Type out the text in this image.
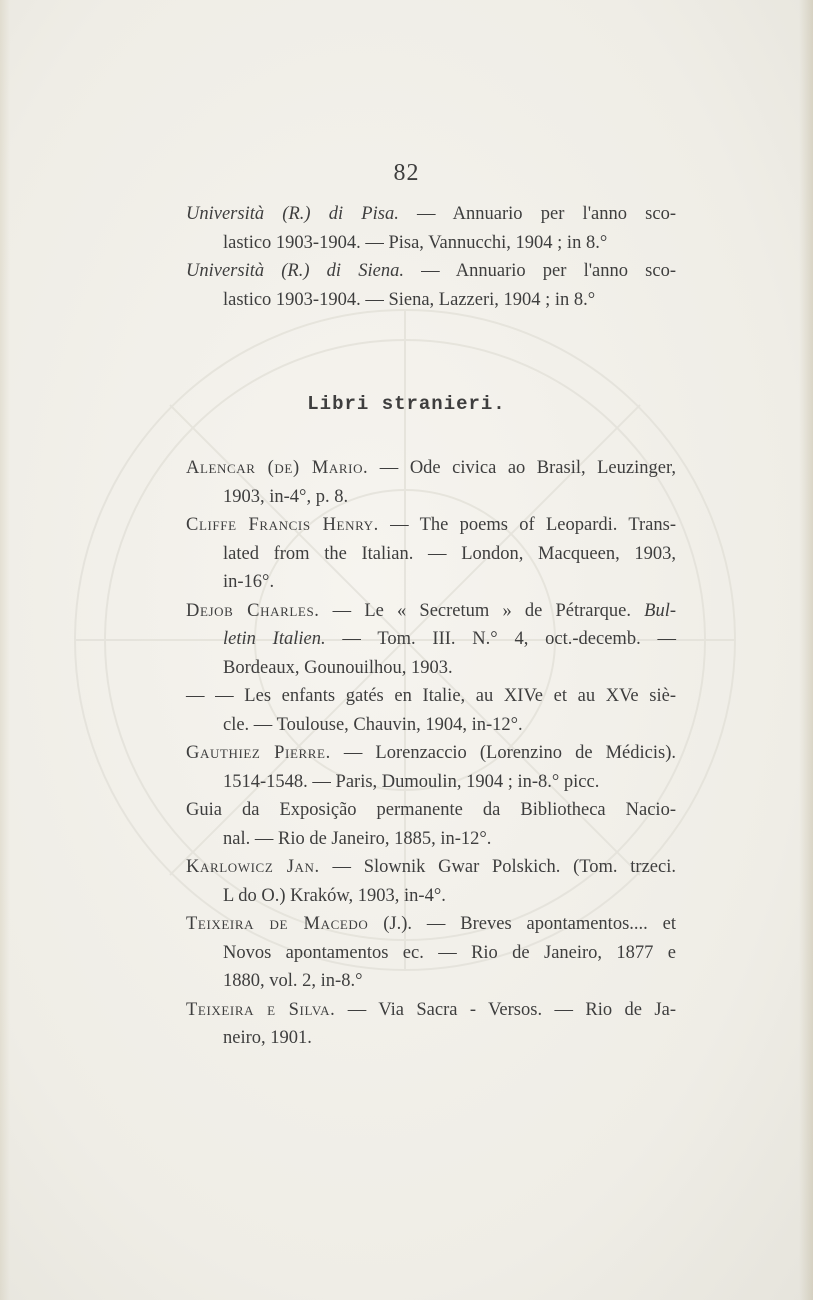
82
Università (R.) di Pisa. — Annuario per l'anno sco-
lastico 1903-1904. — Pisa, Vannucchi, 1904 ; in 8.°
Università (R.) di Siena. — Annuario per l'anno sco-
lastico 1903-1904. — Siena, Lazzeri, 1904 ; in 8.°
Libri stranieri.
Alencar (de) Mario. — Ode civica ao Brasil, Leuzinger,
1903, in-4°, p. 8.
Cliffe Francis Henry. — The poems of Leopardi. Trans-
lated from the Italian. — London, Macqueen, 1903,
in-16°.
Dejob Charles. — Le « Secretum » de Pétrarque. Bul-
letin Italien. — Tom. III. N.° 4, oct.-decemb. —
Bordeaux, Gounouilhou, 1903.
— — Les enfants gatés en Italie, au XIVe et au XVe siè-
cle. — Toulouse, Chauvin, 1904, in-12°.
Gauthiez Pierre. — Lorenzaccio (Lorenzino de Médicis).
1514-1548. — Paris, Dumoulin, 1904 ; in-8.° picc.
Guia da Exposição permanente da Bibliotheca Nacio-
nal. — Rio de Janeiro, 1885, in-12°.
Karlowicz Jan. — Slownik Gwar Polskich. (Tom. trzeci.
L do O.) Kraków, 1903, in-4°.
Teixeira de Macedo (J.). — Breves apontamentos.... et
Novos apontamentos ec. — Rio de Janeiro, 1877 e
1880, vol. 2, in-8.°
Teixeira e Silva. — Via Sacra - Versos. — Rio de Ja-
neiro, 1901.
